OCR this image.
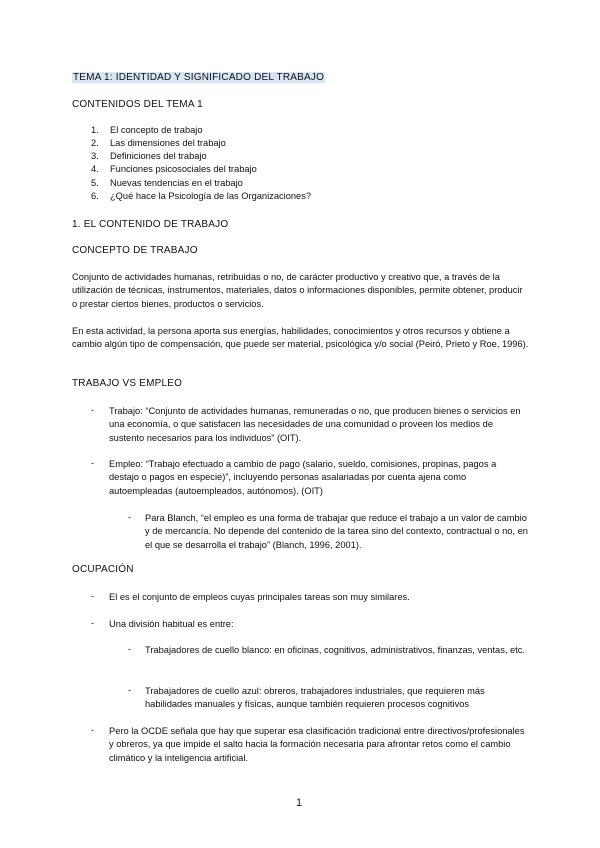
TEMA 1: IDENTIDAD Y SIGNIFICADO DEL TRABAJO
CONTENIDOS DEL TEMA 1
1. El concepto de trabajo
2. Las dimensiones del trabajo
3. Definiciones del trabajo
4. Funciones psicosociales del trabajo
5. Nuevas tendencias en el trabajo
6. ¿Qué hace la Psicología de las Organizaciones?
1. EL CONTENIDO DE TRABAJO
CONCEPTO DE TRABAJO
Conjunto de actividades humanas, retribuidas o no, de carácter productivo y creativo que, a través de la utilización de técnicas, instrumentos, materiales, datos o informaciones disponibles, permite obtener, producir o prestar ciertos bienes, productos o servicios.
En esta actividad, la persona aporta sus energías, habilidades, conocimientos y otros recursos y obtiene a cambio algún tipo de compensación, que puede ser material, psicológica y/o social (Peiró, Prieto y Roe, 1996).
TRABAJO VS EMPLEO
- Trabajo: “Conjunto de actividades humanas, remuneradas o no, que producen bienes o servicios en una economía, o que satisfacen las necesidades de una comunidad o proveen los medios de sustento necesarios para los individuos” (OIT).
- Empleo: “Trabajo efectuado a cambio de pago (salario, sueldo, comisiones, propinas, pagos a destajo o pagos en especie)”, incluyendo personas asalariadas por cuenta ajena como autoempleadas (autoempleados, autónomos). (OIT)
- Para Blanch, “el empleo es una forma de trabajar que reduce el trabajo a un valor de cambio y de mercancía. No depende del contenido de la tarea sino del contexto, contractual o no, en el que se desarrolla el trabajo” (Blanch, 1996, 2001).
OCUPACIÓN
- El es el conjunto de empleos cuyas principales tareas son muy similares.
- Una división habitual es entre:
- Trabajadores de cuello blanco: en oficinas, cognitivos, administrativos, finanzas, ventas, etc.
- Trabajadores de cuello azul: obreros, trabajadores industriales, que requieren más habilidades manuales y físicas, aunque también requieren procesos cognitivos
- Pero la OCDE señala que hay que superar esa clasificación tradicional entre directivos/profesionales y obreros, ya que impide el salto hacia la formación necesaria para afrontar retos como el cambio climático y la inteligencia artificial.
1
